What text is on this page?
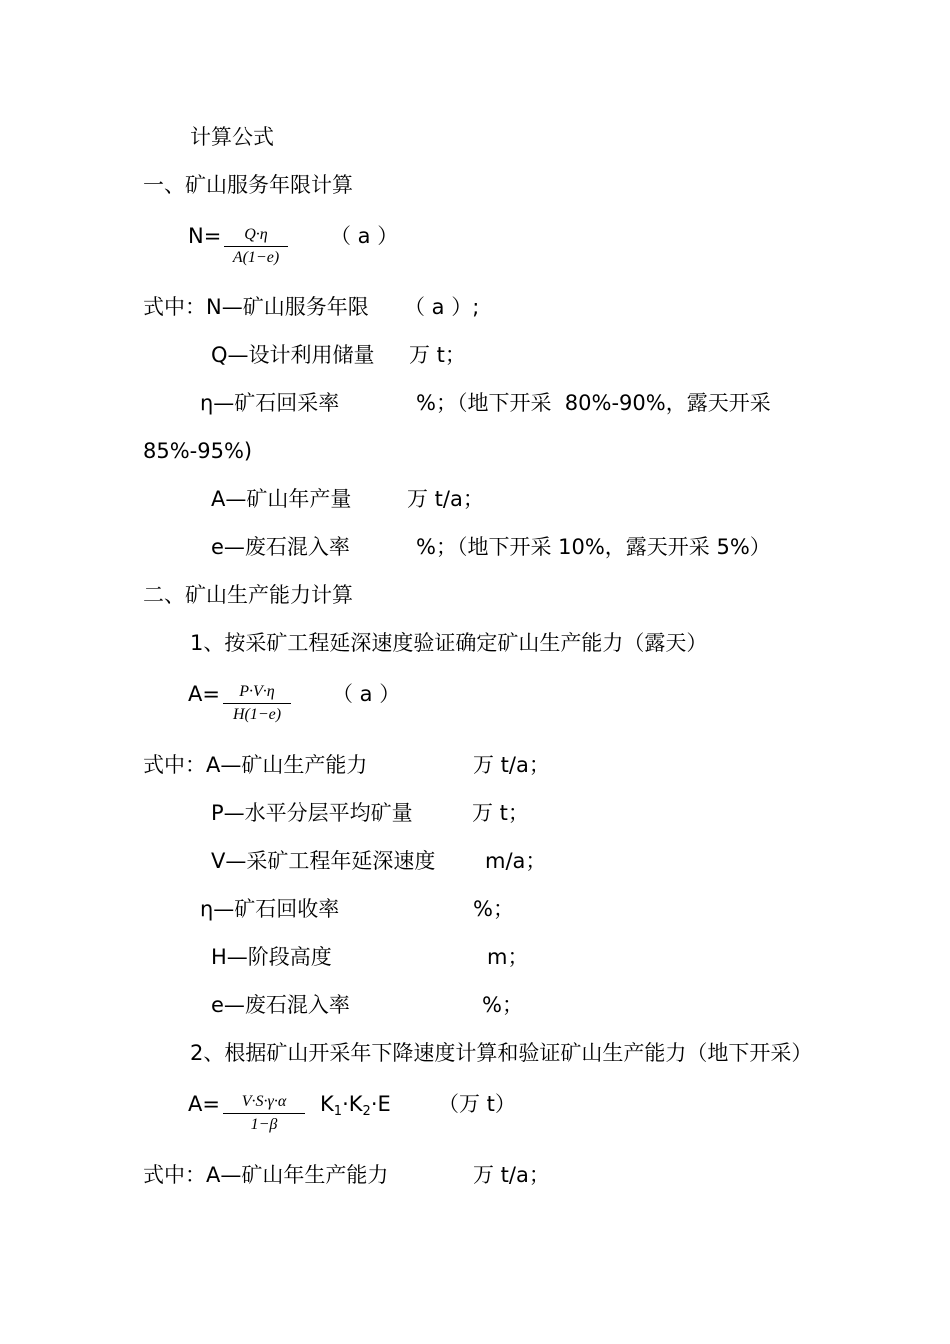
计算公式
一、矿山服务年限计算
N=	Q·η
A(1−e)
（ a ）
式中：N—矿山服务年限 （ a ）;
Q—设计利用储量 万 t；
η—矿石回采率	%；（地下开采  80%-90%，露天开采
85%-95%)
A—矿山年产量	万 t/a；
e—废石混入率	%；（地下开采 10%，露天开采 5%）
二、矿山生产能力计算
1、按采矿工程延深速度验证确定矿山生产能力（露天）
A=	P·V·η
H(1−e)
（ a ）
式中：A—矿山生产能力	万 t/a；
P—水平分层平均矿量	万 t；
V—采矿工程年延深速度 m/a；
η—矿石回收率	%；
H—阶段高度	m；
e—废石混入率	%；
2、根据矿山开采年下降速度计算和验证矿山生产能力（地下开采）
A=	V·S·γ·α
1−β
$K_1\cdot K_2\cdot E$ （万 t）
式中：A—矿山年生产能力	万 t/a；
